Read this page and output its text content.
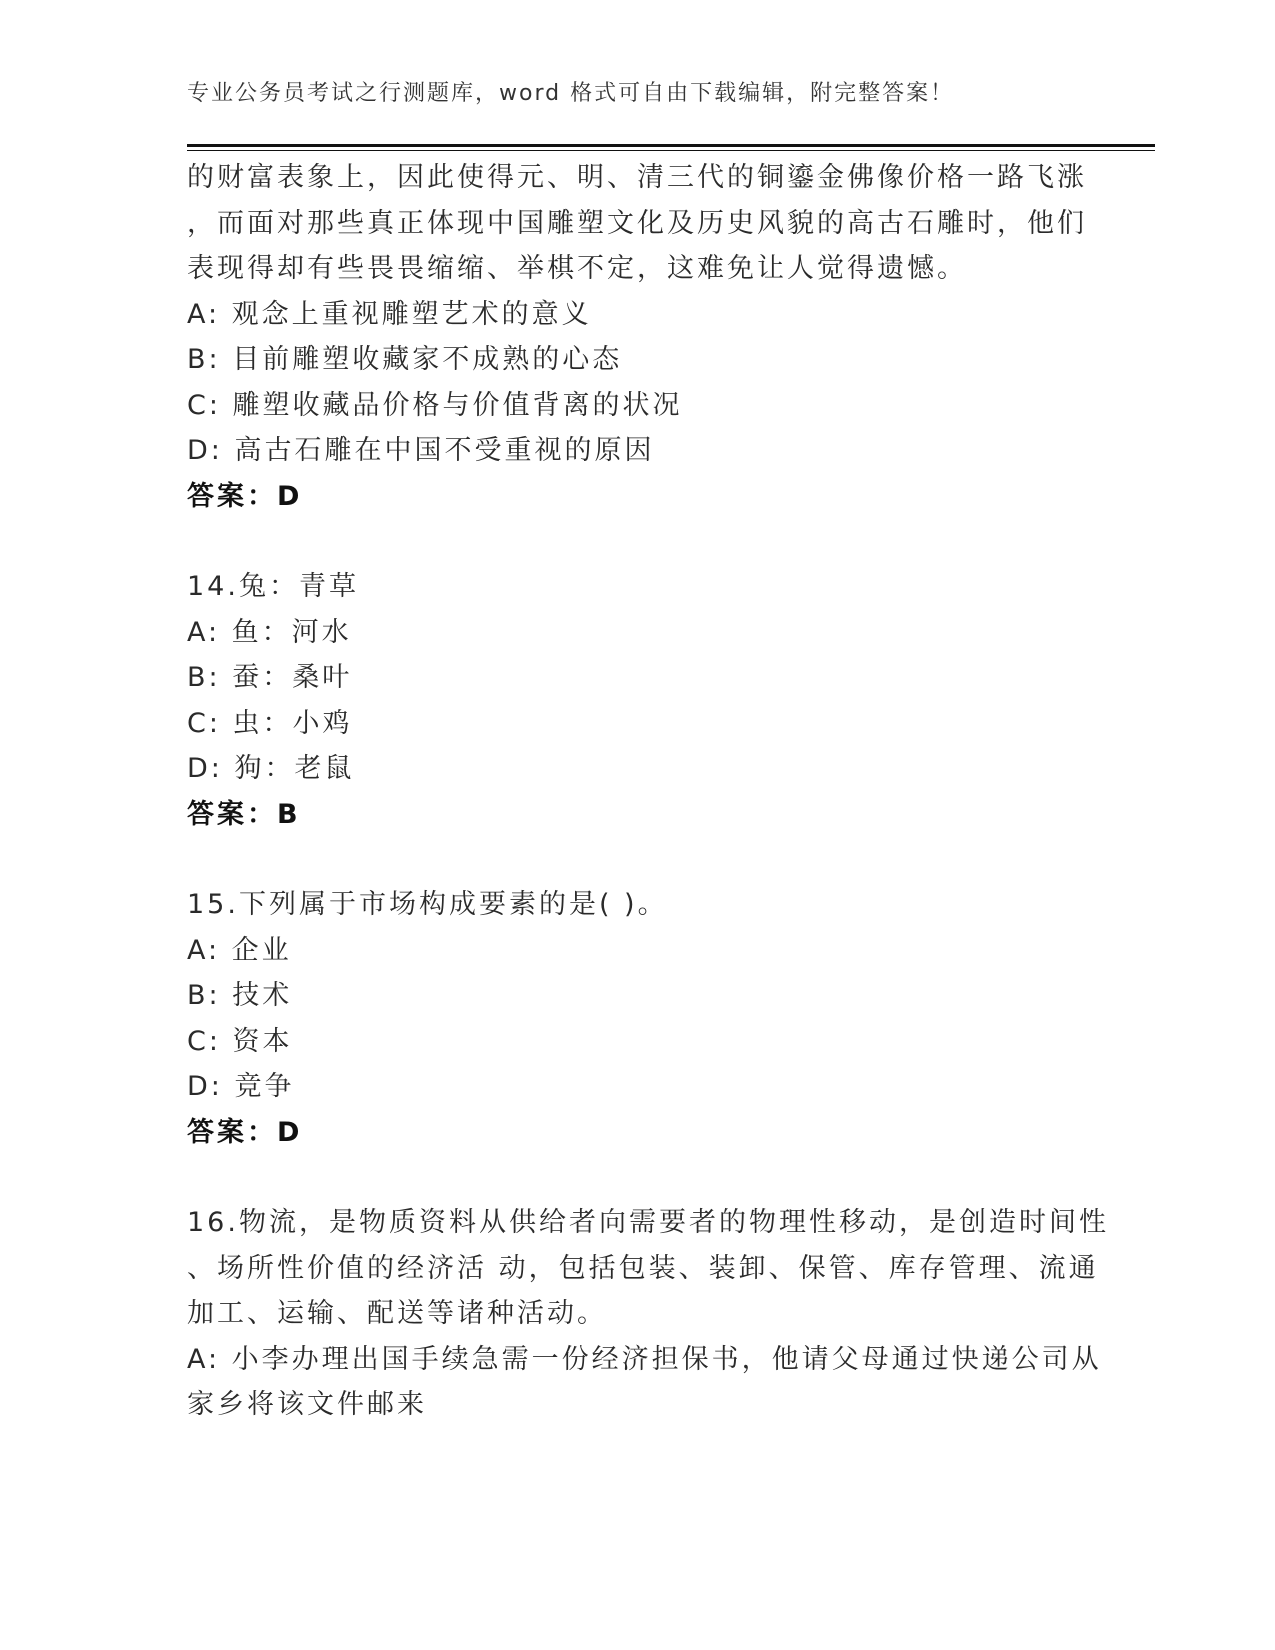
专业公务员考试之行测题库，word 格式可自由下载编辑，附完整答案！
的财富表象上，因此使得元、明、清三代的铜鎏金佛像价格一路飞涨
，而面对那些真正体现中国雕塑文化及历史风貌的高古石雕时，他们
表现得却有些畏畏缩缩、举棋不定，这难免让人觉得遗憾。
A: 观念上重视雕塑艺术的意义
B: 目前雕塑收藏家不成熟的心态
C: 雕塑收藏品价格与价值背离的状况
D: 高古石雕在中国不受重视的原因
答案：D
14.兔：青草
A: 鱼：河水
B: 蚕：桑叶
C: 虫：小鸡
D: 狗：老鼠
答案：B
15.下列属于市场构成要素的是( )。
A: 企业
B: 技术
C: 资本
D: 竞争
答案：D
16.物流，是物质资料从供给者向需要者的物理性移动，是创造时间性
、场所性价值的经济活 动，包括包装、装卸、保管、库存管理、流通
加工、运输、配送等诸种活动。
A: 小李办理出国手续急需一份经济担保书，他请父母通过快递公司从
家乡将该文件邮来
